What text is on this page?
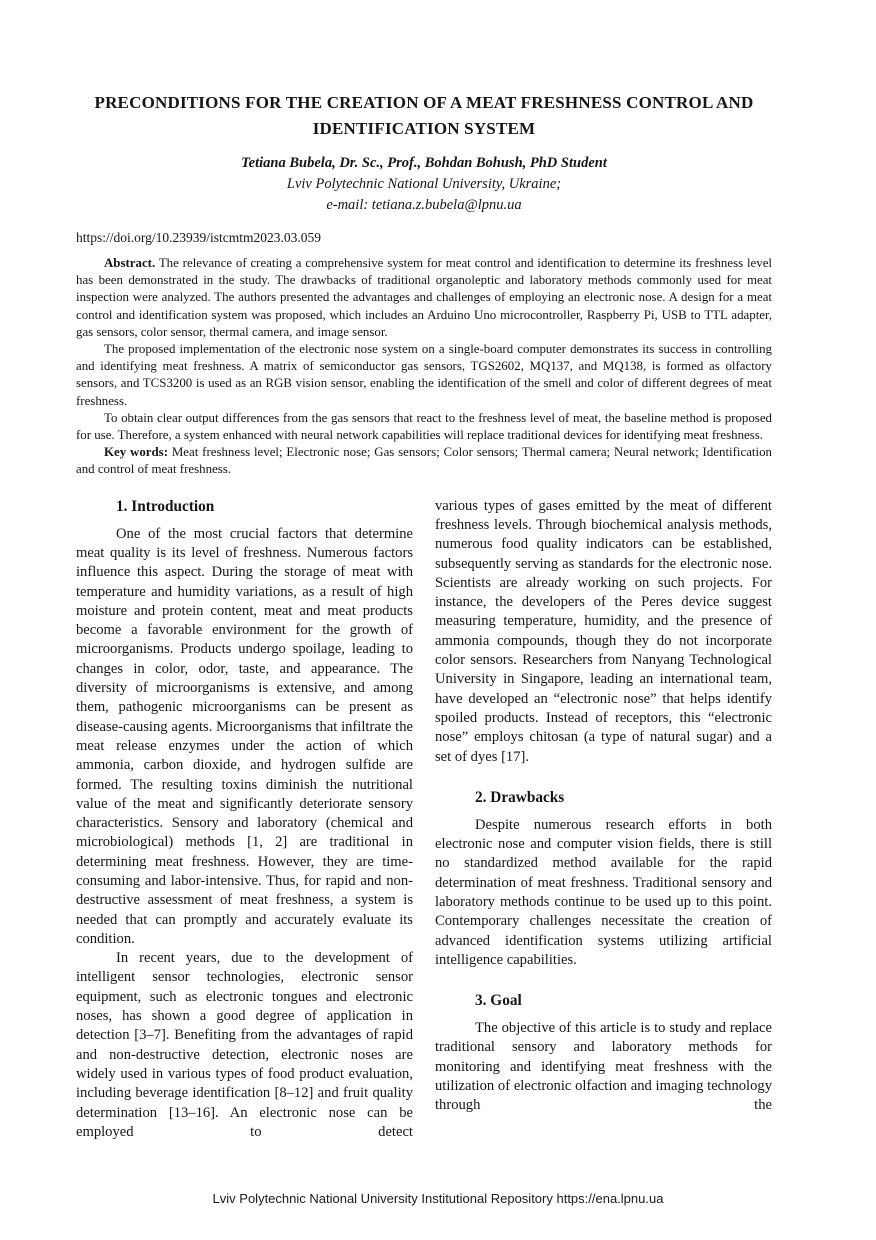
PRECONDITIONS FOR THE CREATION OF A MEAT FRESHNESS CONTROL AND IDENTIFICATION SYSTEM
Tetiana Bubela, Dr. Sc., Prof., Bohdan Bohush, PhD Student
Lviv Polytechnic National University, Ukraine;
e-mail: tetiana.z.bubela@lpnu.ua
https://doi.org/10.23939/istcmtm2023.03.059

Abstract. The relevance of creating a comprehensive system for meat control and identification to determine its freshness level has been demonstrated in the study. The drawbacks of traditional organoleptic and laboratory methods commonly used for meat inspection were analyzed. The authors presented the advantages and challenges of employing an electronic nose. A design for a meat control and identification system was proposed, which includes an Arduino Uno microcontroller, Raspberry Pi, USB to TTL adapter, gas sensors, color sensor, thermal camera, and image sensor.

The proposed implementation of the electronic nose system on a single-board computer demonstrates its success in controlling and identifying meat freshness. A matrix of semiconductor gas sensors, TGS2602, MQ137, and MQ138, is formed as olfactory sensors, and TCS3200 is used as an RGB vision sensor, enabling the identification of the smell and color of different degrees of meat freshness.

To obtain clear output differences from the gas sensors that react to the freshness level of meat, the baseline method is proposed for use. Therefore, a system enhanced with neural network capabilities will replace traditional devices for identifying meat freshness.

Key words: Meat freshness level; Electronic nose; Gas sensors; Color sensors; Thermal camera; Neural network; Identification and control of meat freshness.

1. Introduction

One of the most crucial factors that determine meat quality is its level of freshness. Numerous factors influence this aspect. During the storage of meat with temperature and humidity variations, as a result of high moisture and protein content, meat and meat products become a favorable environment for the growth of microorganisms. Products undergo spoilage, leading to changes in color, odor, taste, and appearance. The diversity of microorganisms is extensive, and among them, pathogenic microorganisms can be present as disease-causing agents. Microorganisms that infiltrate the meat release enzymes under the action of which ammonia, carbon dioxide, and hydrogen sulfide are formed. The resulting toxins diminish the nutritional value of the meat and significantly deteriorate sensory characteristics. Sensory and laboratory (chemical and microbiological) methods [1, 2] are traditional in determining meat freshness. However, they are time-consuming and labor-intensive. Thus, for rapid and non-destructive assessment of meat freshness, a system is needed that can promptly and accurately evaluate its condition.

In recent years, due to the development of intelligent sensor technologies, electronic sensor equipment, such as electronic tongues and electronic noses, has shown a good degree of application in detection [3–7]. Benefiting from the advantages of rapid and non-destructive detection, electronic noses are widely used in various types of food product evaluation, including beverage identification [8–12] and fruit quality determination [13–16]. An electronic nose can be employed to detect

various types of gases emitted by the meat of different freshness levels. Through biochemical analysis methods, numerous food quality indicators can be established, subsequently serving as standards for the electronic nose. Scientists are already working on such projects. For instance, the developers of the Peres device suggest measuring temperature, humidity, and the presence of ammonia compounds, though they do not incorporate color sensors. Researchers from Nanyang Technological University in Singapore, leading an international team, have developed an “electronic nose” that helps identify spoiled products. Instead of receptors, this “electronic nose” employs chitosan (a type of natural sugar) and a set of dyes [17].

2. Drawbacks

Despite numerous research efforts in both electronic nose and computer vision fields, there is still no standardized method available for the rapid determination of meat freshness. Traditional sensory and laboratory methods continue to be used up to this point. Contemporary challenges necessitate the creation of advanced identification systems utilizing artificial intelligence capabilities.

3. Goal

The objective of this article is to study and replace traditional sensory and laboratory methods for monitoring and identifying meat freshness with the utilization of electronic olfaction and imaging technology through the

Lviv Polytechnic National University Institutional Repository https://ena.lpnu.ua
